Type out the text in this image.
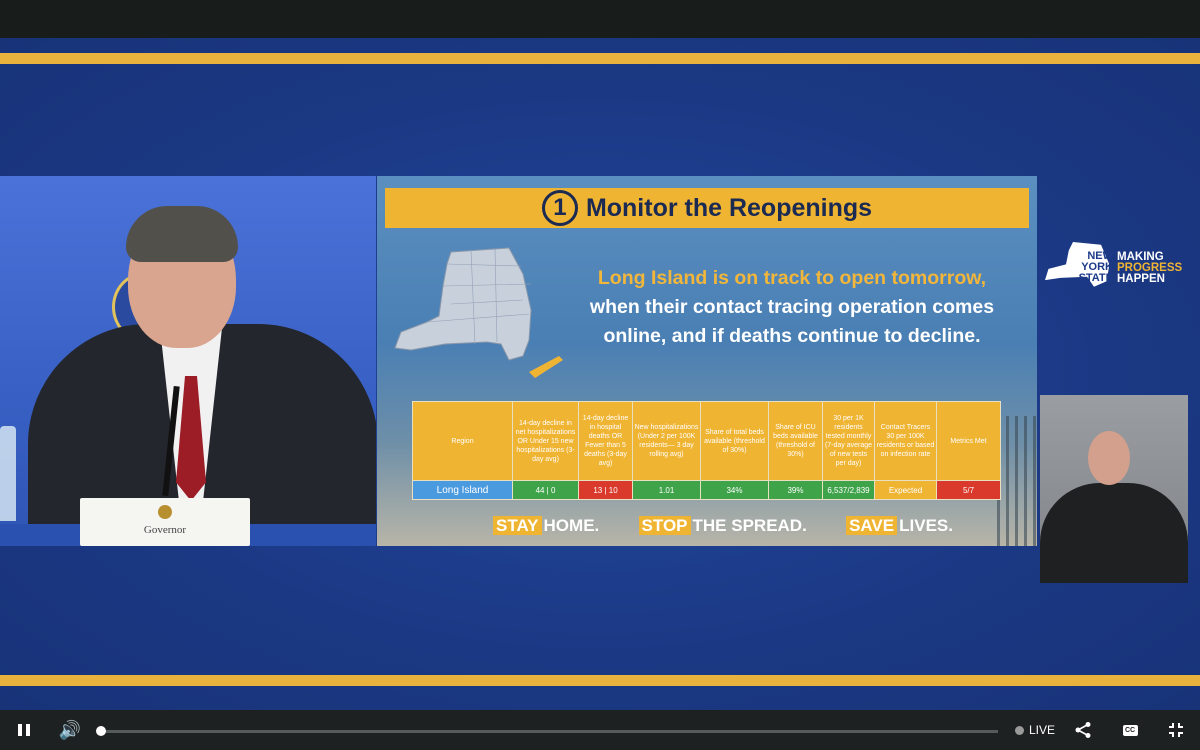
Governor
1 Monitor the Reopenings
Long Island is on track to open tomorrow,
when their contact tracing operation comes online, and if deaths continue to decline.
Region	14-day decline in net hospitalizations OR Under 15 new hospitalizations (3-day avg)	14-day decline in hospital deaths OR Fewer than 5 deaths (3-day avg)	New hospitalizations (Under 2 per 100K residents— 3 day rolling avg)	Share of total beds available (threshold of 30%)	Share of ICU beds available (threshold of 30%)	30 per 1K residents tested monthly (7-day average of new tests per day)	Contact Tracers 30 per 100K residents or based on infection rate	Metrics Met
Long Island	44 | 0	13 | 10	1.01	34%	39%	6,537/2,839	Expected	5/7
STAY HOME. STOP THE SPREAD. SAVE LIVES.
NEW
YORK
STATE
MAKING
PROGRESS
HAPPEN
🔊	LIVE	CC
